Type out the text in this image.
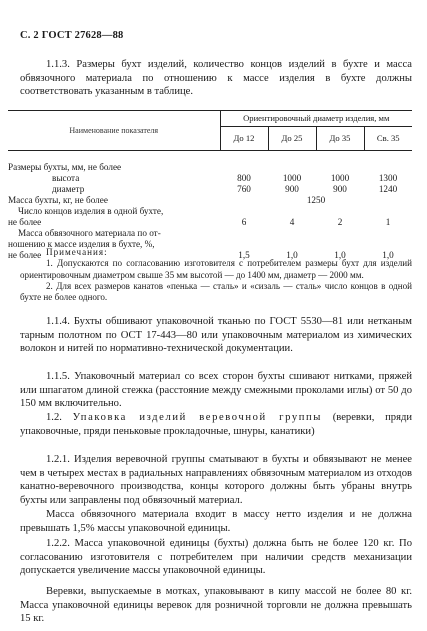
С. 2 ГОСТ 27628—88
1.1.3. Размеры бухт изделий, количество концов изделий в бухте и масса обвязочного материала по отношению к массе изделия в бухте должны соответствовать указанным в таблице.
Наименование показателя	Ориентировочный диаметр изделия, мм			
	До 12	До 25	До 35	Св. 35

Размеры бухты, мм, не более				
высота	800	1000	1000	1300
диаметр	760	900	900	1240
Масса бухты, кг, не более	1250			
Число концов изделия в одной бухте,				
не более	6	4	2	1
Масса обвязочного материала по от-				
ношению к массе изделия в бухте, %,				
не более	1,5	1,0	1,0	1,0
Примечания:
1. Допускаются по согласованию изготовителя с потребителем размеры бухт для изделий ориентировочным диаметром свыше 35 мм высотой — до 1400 мм, диаметр — 2000 мм.
2. Для всех размеров канатов «пенька — сталь» и «сизаль — сталь» число концов в одной бухте не более одного.
1.1.4. Бухты обшивают упаковочной тканью по ГОСТ 5530—81 или нетканым тарным полотном по ОСТ 17-443—80 или упаковочным материалом из химических волокон и нитей по нормативно-технической документации.
1.1.5. Упаковочный материал со всех сторон бухты сшивают нитками, пряжей или шпагатом длиной стежка (расстояние между смежными проколами иглы) от 50 до 150 мм включительно.
1.2. Упаковка изделий веревочной группы (веревки, пряди упаковочные, пряди пеньковые прокладочные, шнуры, канатики)
1.2.1. Изделия веревочной группы сматывают в бухты и обвязывают не менее чем в четырех местах в радиальных направлениях обвязочным материалом из отходов канатно-веревочного производства, концы которого должны быть убраны внутрь бухты или заправлены под обвязочный материал.
Масса обвязочного материала входит в массу нетто изделия и не должна превышать 1,5% массы упаковочной единицы.
1.2.2. Масса упаковочной единицы (бухты) должна быть не более 120 кг. По согласованию изготовителя с потребителем при наличии средств механизации допускается увеличение массы упаковочной единицы.
Веревки, выпускаемые в мотках, упаковывают в кипу массой не более 80 кг. Масса упаковочной единицы веревок для розничной торговли не должна превышать 15 кг.
